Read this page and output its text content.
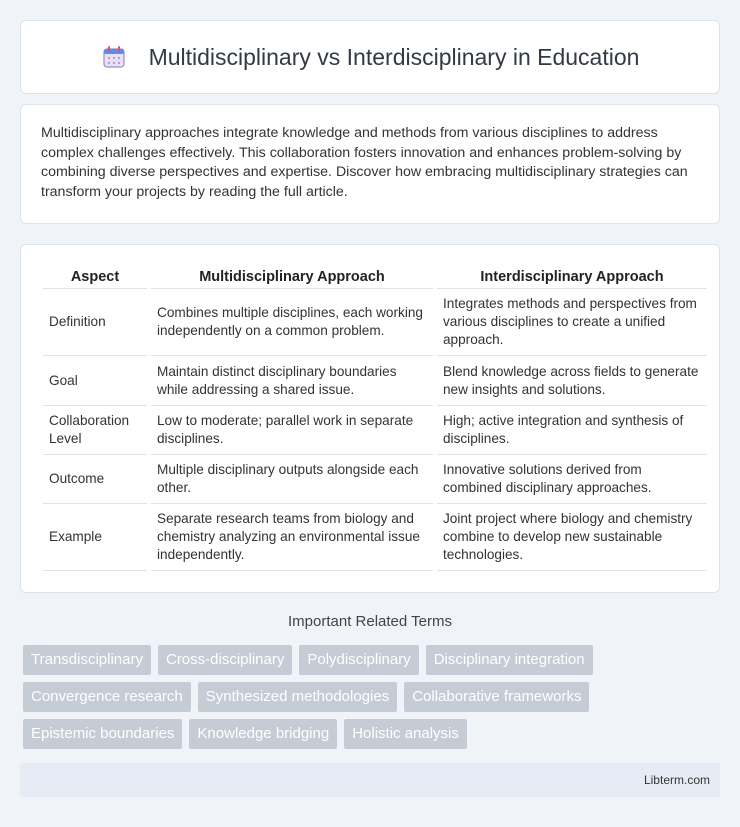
Multidisciplinary vs Interdisciplinary in Education

Multidisciplinary approaches integrate knowledge and methods from various disciplines to address complex challenges effectively. This collaboration fosters innovation and enhances problem-solving by combining diverse perspectives and expertise. Discover how embracing multidisciplinary strategies can transform your projects by reading the full article.

Aspect	Multidisciplinary Approach	Interdisciplinary Approach
Definition	Combines multiple disciplines, each working independently on a common problem.	Integrates methods and perspectives from various disciplines to create a unified approach.
Goal	Maintain distinct disciplinary boundaries while addressing a shared issue.	Blend knowledge across fields to generate new insights and solutions.
Collaboration Level	Low to moderate; parallel work in separate disciplines.	High; active integration and synthesis of disciplines.
Outcome	Multiple disciplinary outputs alongside each other.	Innovative solutions derived from combined disciplinary approaches.
Example	Separate research teams from biology and chemistry analyzing an environmental issue independently.	Joint project where biology and chemistry combine to develop new sustainable technologies.
Important Related Terms
Transdisciplinary	Cross-disciplinary	Polydisciplinary	Disciplinary integration
Convergence research	Synthesized methodologies	Collaborative frameworks
Epistemic boundaries	Knowledge bridging	Holistic analysis
Libterm.com
